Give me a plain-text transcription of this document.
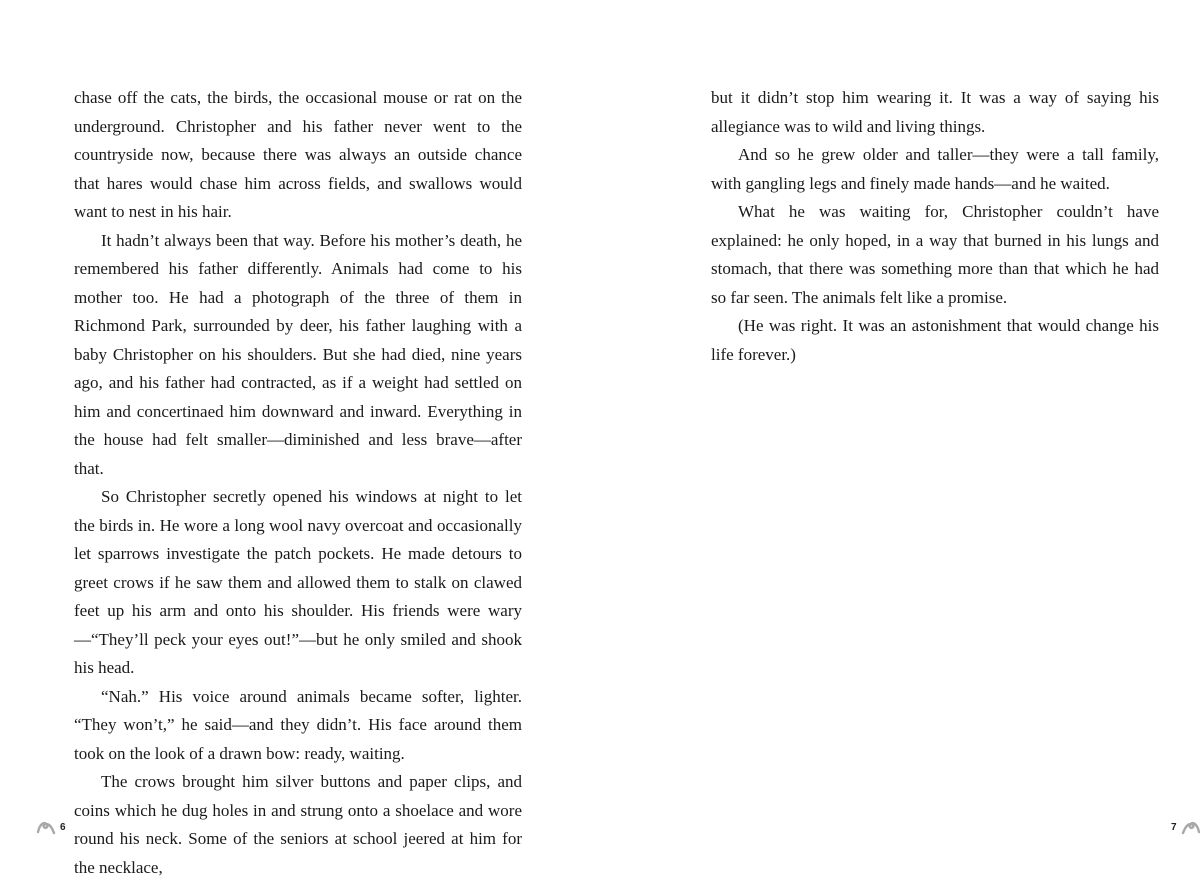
chase off the cats, the birds, the occasional mouse or rat on the underground. Christopher and his father never went to the countryside now, because there was always an outside chance that hares would chase him across fields, and swallows would want to nest in his hair.

It hadn’t always been that way. Before his mother’s death, he remembered his father differently. Animals had come to his mother too. He had a photograph of the three of them in Richmond Park, surrounded by deer, his father laughing with a baby Christopher on his shoulders. But she had died, nine years ago, and his father had contracted, as if a weight had settled on him and concertinaed him downward and inward. Everything in the house had felt smaller—diminished and less brave—after that.

So Christopher secretly opened his windows at night to let the birds in. He wore a long wool navy overcoat and occasionally let sparrows investigate the patch pockets. He made detours to greet crows if he saw them and allowed them to stalk on clawed feet up his arm and onto his shoulder. His friends were wary—“They’ll peck your eyes out!”—but he only smiled and shook his head.

“Nah.” His voice around animals became softer, lighter. “They won’t,” he said—and they didn’t. His face around them took on the look of a drawn bow: ready, waiting.

The crows brought him silver buttons and paper clips, and coins which he dug holes in and strung onto a shoelace and wore round his neck. Some of the seniors at school jeered at him for the necklace,

6

but it didn’t stop him wearing it. It was a way of saying his allegiance was to wild and living things.

And so he grew older and taller—they were a tall family, with gangling legs and finely made hands—and he waited.

What he was waiting for, Christopher couldn’t have explained: he only hoped, in a way that burned in his lungs and stomach, that there was something more than that which he had so far seen. The animals felt like a promise.

(He was right. It was an astonishment that would change his life forever.)

7
